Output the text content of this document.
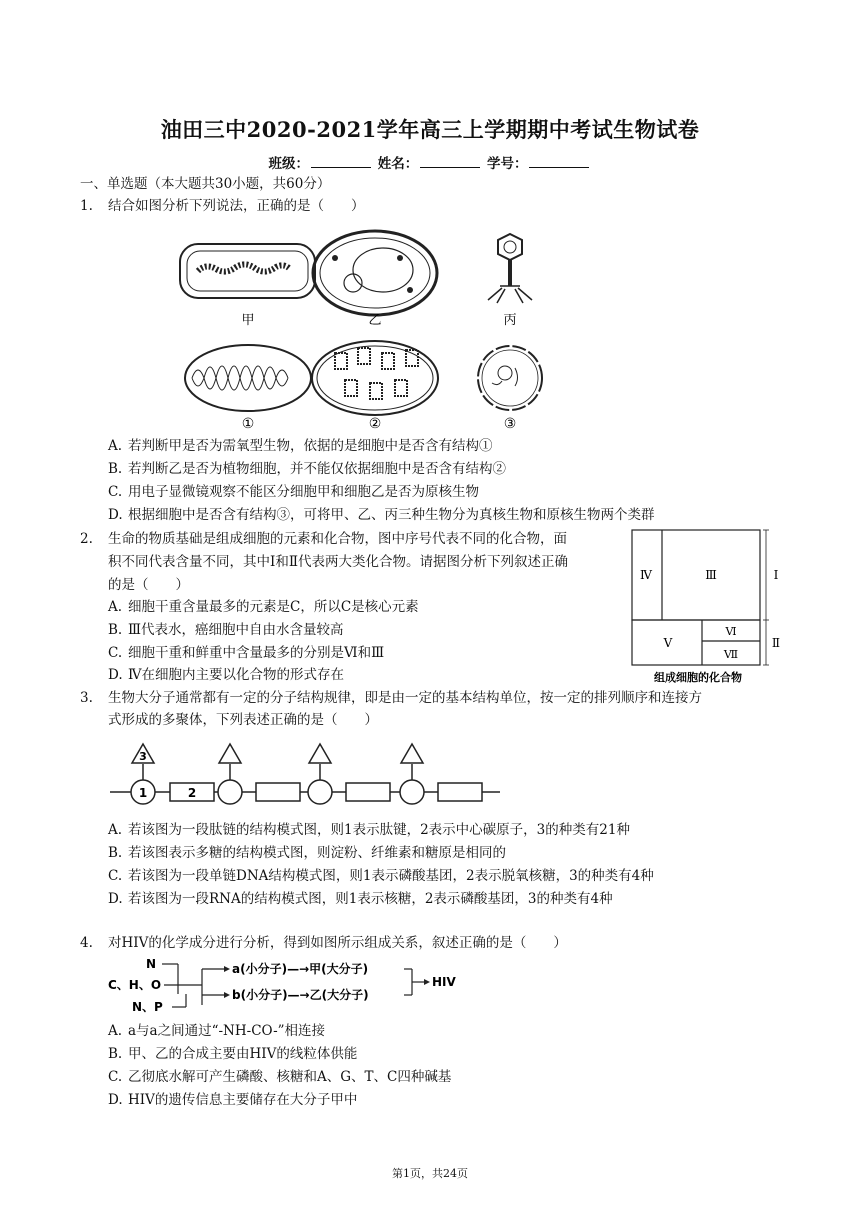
油田三中2020-2021学年高三上学期期中考试生物试卷
班级：	姓名：	学号：
一、单选题（本大题共30小题，共60分）
1. 结合如图分析下列说法，正确的是（　　）
甲	乙	丙
①	②	③
A. 若判断甲是否为需氧型生物，依据的是细胞中是否含有结构①
B. 若判断乙是否为植物细胞，并不能仅依据细胞中是否含有结构②
C. 用电子显微镜观察不能区分细胞甲和细胞乙是否为原核生物
D. 根据细胞中是否含有结构③，可将甲、乙、丙三种生物分为真核生物和原核生物两个类群
2. 生命的物质基础是组成细胞的元素和化合物，图中序号代表不同的化合物，面
积不同代表含量不同，其中Ⅰ和Ⅱ代表两大类化合物。请据图分析下列叙述正确
的是（　　）
A. 细胞干重含量最多的元素是C，所以C是核心元素
B. Ⅲ代表水，癌细胞中自由水含量较高
C. 细胞干重和鲜重中含量最多的分别是Ⅵ和Ⅲ
D. Ⅳ在细胞内主要以化合物的形式存在
Ⅳ	Ⅲ	Ⅰ
Ⅴ
Ⅵ
Ⅶ
Ⅱ
组成细胞的化合物
3. 生物大分子通常都有一定的分子结构规律，即是由一定的基本结构单位，按一定的排列顺序和连接方
式形成的多聚体，下列表述正确的是（　　）
1	2
3
A. 若该图为一段肽链的结构模式图，则1表示肽键，2表示中心碳原子，3的种类有21种
B. 若该图表示多糖的结构模式图，则淀粉、纤维素和糖原是相同的
C. 若该图为一段单链DNA结构模式图，则1表示磷酸基团，2表示脱氧核糖，3的种类有4种
D. 若该图为一段RNA的结构模式图，则1表示核糖，2表示磷酸基团，3的种类有4种
4. 对HIV的化学成分进行分析，得到如图所示组成关系，叙述正确的是（　　）
N
C、H、O
N、P
a(小分子)—→甲(大分子)
b(小分子)—→乙(大分子)
HIV
A. a与a之间通过“-NH-CO-”相连接
B. 甲、乙的合成主要由HIV的线粒体供能
C. 乙彻底水解可产生磷酸、核糖和A、G、T、C四种碱基
D. HIV的遗传信息主要储存在大分子甲中
第1页，共24页
